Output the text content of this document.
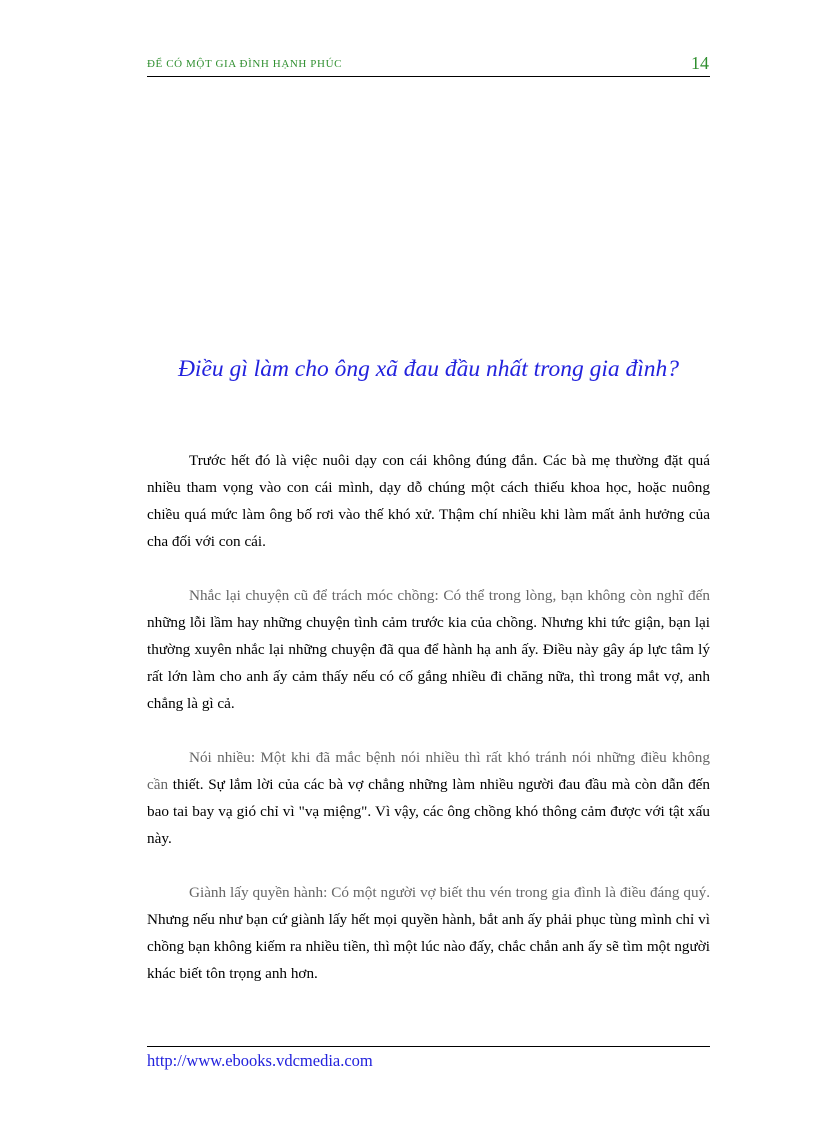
ĐỂ CÓ MỘT GIA ĐÌNH HẠNH PHÚC	14
Điều gì làm cho ông xã đau đầu nhất trong gia đình?

Trước hết đó là việc nuôi dạy con cái không đúng đắn. Các bà mẹ thường đặt quá nhiều tham vọng vào con cái mình, dạy dỗ chúng một cách thiếu khoa học, hoặc nuông chiều quá mức làm ông bố rơi vào thế khó xử. Thậm chí nhiều khi làm mất ảnh hưởng của cha đối với con cái.

Nhắc lại chuyện cũ để trách móc chồng: Có thể trong lòng, bạn không còn nghĩ đến những lỗi lầm hay những chuyện tình cảm trước kia của chồng. Nhưng khi tức giận, bạn lại thường xuyên nhắc lại những chuyện đã qua để hành hạ anh ấy. Điều này gây áp lực tâm lý rất lớn làm cho anh ấy cảm thấy nếu có cố gắng nhiều đi chăng nữa, thì trong mắt vợ, anh chẳng là gì cả.

Nói nhiều: Một khi đã mắc bệnh nói nhiều thì rất khó tránh nói những điều không cần thiết. Sự lắm lời của các bà vợ chẳng những làm nhiều người đau đầu mà còn dẫn đến bao tai bay vạ gió chỉ vì "vạ miệng". Vì vậy, các ông chồng khó thông cảm được với tật xấu này.

Giành lấy quyền hành: Có một người vợ biết thu vén trong gia đình là điều đáng quý. Nhưng nếu như bạn cứ giành lấy hết mọi quyền hành, bắt anh ấy phải phục tùng mình chỉ vì chồng bạn không kiếm ra nhiều tiền, thì một lúc nào đấy, chắc chắn anh ấy sẽ tìm một người khác biết tôn trọng anh hơn.

http://www.ebooks.vdcmedia.com
